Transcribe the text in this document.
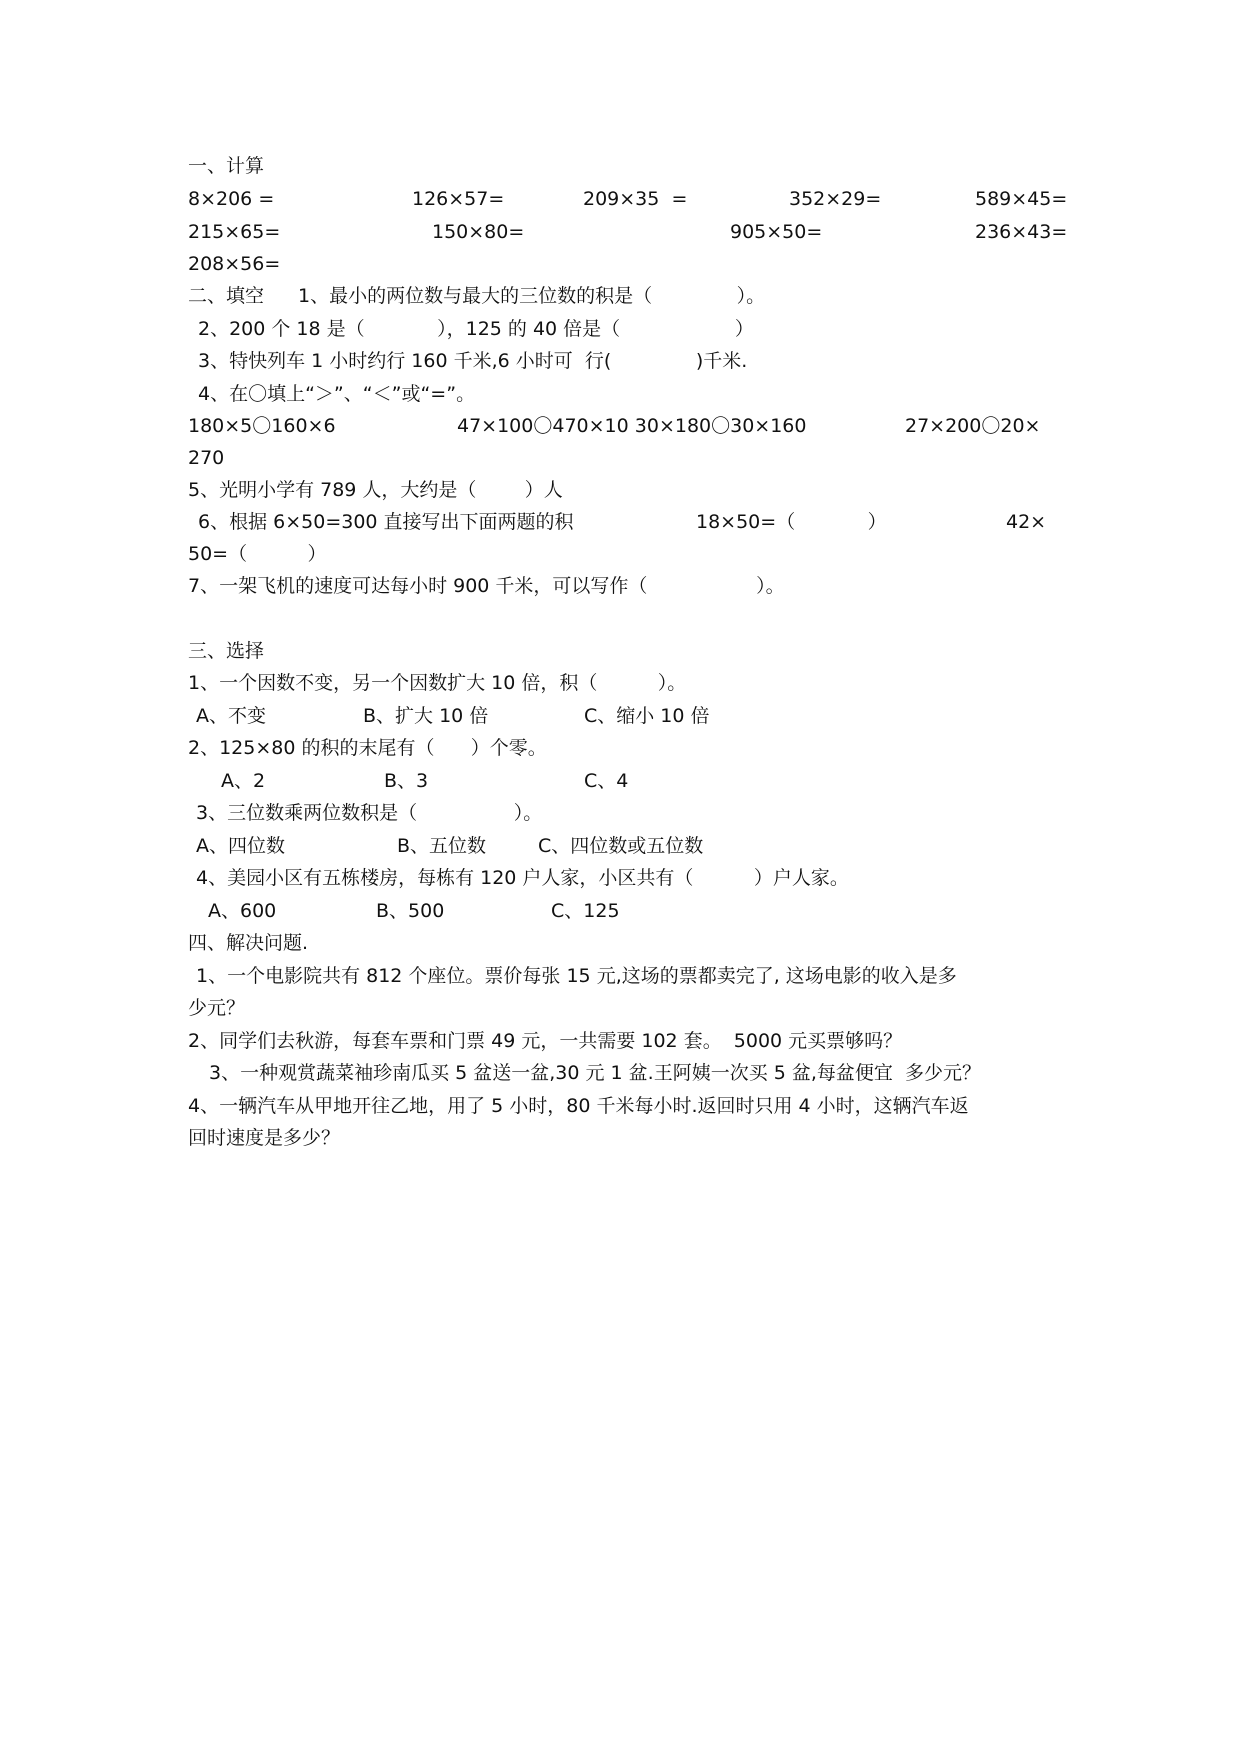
一、计算
8×206 =	126×57=	209×35  =	352×29=	589×45=
215×65=	150×80=	905×50=	236×43=
208×56=
二、填空 1、最小的两位数与最大的三位数的积是（              ）。
2、200 个 18 是（            ），125 的 40 倍是（                   ）
3、特快列车 1 小时约行 160 千米,6 小时可  行(              )千米.
4、在〇填上“＞”、“＜”或“=”。
180×5〇160×6	47×100〇470×10 30×180〇30×160	27×200〇20×
270
5、光明小学有 789 人，大约是（        ）人
6、根据 6×50=300 直接写出下面两题的积	18×50=（            ）	42×
50=（          ）
7、一架飞机的速度可达每小时 900 千米，可以写作（                  ）。
三、选择
1、一个因数不变，另一个因数扩大 10 倍，积（          ）。
A、不变	B、扩大 10 倍	C、缩小 10 倍
2、125×80 的积的末尾有（      ）个零。
A、2	B、3	C、4
3、三位数乘两位数积是（                ）。
A、四位数	B、五位数	C、四位数或五位数
4、美园小区有五栋楼房，每栋有 120 户人家，小区共有（          ）户人家。
A、600	B、500	C、125
四、解决问题.
1、一个电影院共有 812 个座位。票价每张 15 元,这场的票都卖完了, 这场电影的收入是多
少元？
2、同学们去秋游，每套车票和门票 49 元，一共需要 102 套。  5000 元买票够吗？
3、一种观赏蔬菜袖珍南瓜买 5 盆送一盆,30 元 1 盆.王阿姨一次买 5 盆,每盆便宜  多少元？
4、一辆汽车从甲地开往乙地，用了 5 小时，80 千米每小时.返回时只用 4 小时，这辆汽车返
回时速度是多少？
